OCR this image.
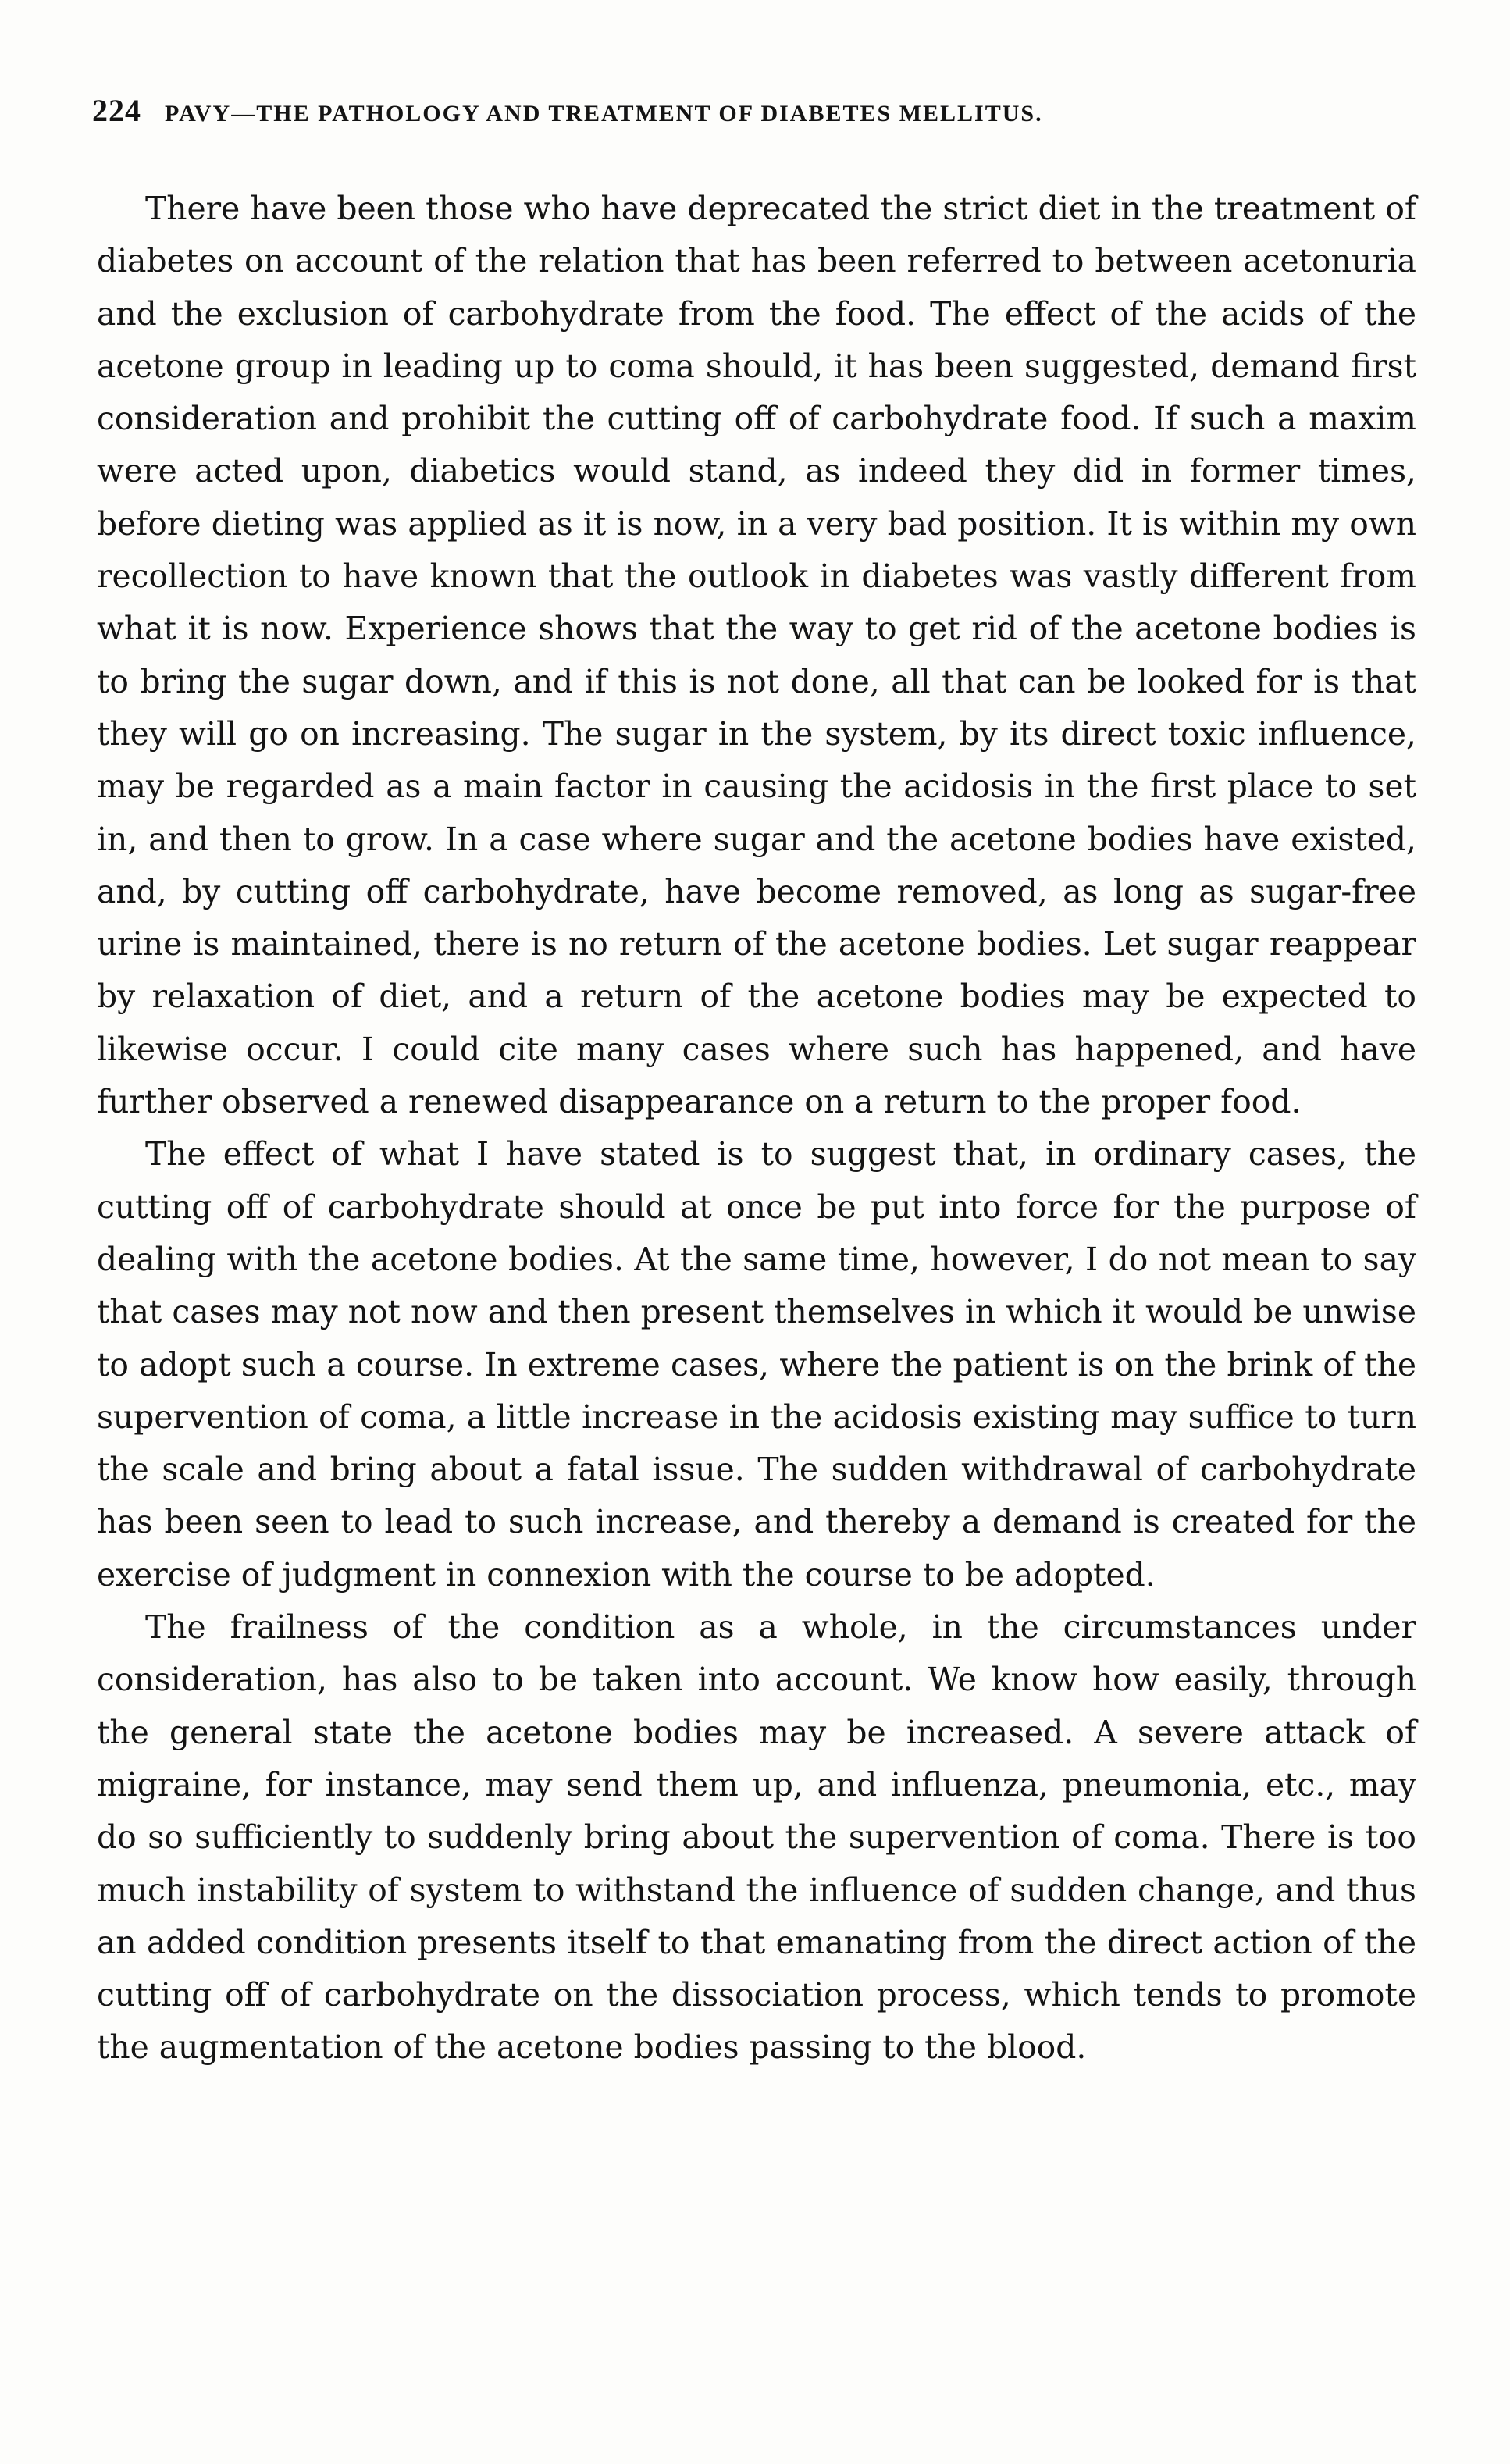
224 PAVY—THE PATHOLOGY AND TREATMENT OF DIABETES MELLITUS.

There have been those who have deprecated the strict diet in the treatment of diabetes on account of the relation that has been referred to between acetonuria and the exclusion of carbohydrate from the food. The effect of the acids of the acetone group in leading up to coma should, it has been suggested, demand first consideration and prohibit the cutting off of carbohydrate food. If such a maxim were acted upon, diabetics would stand, as indeed they did in former times, before dieting was applied as it is now, in a very bad position. It is within my own recollection to have known that the outlook in diabetes was vastly different from what it is now. Experience shows that the way to get rid of the acetone bodies is to bring the sugar down, and if this is not done, all that can be looked for is that they will go on increasing. The sugar in the system, by its direct toxic influence, may be regarded as a main factor in causing the acidosis in the first place to set in, and then to grow. In a case where sugar and the acetone bodies have existed, and, by cutting off carbohydrate, have become removed, as long as sugar-free urine is maintained, there is no return of the acetone bodies. Let sugar reappear by relaxation of diet, and a return of the acetone bodies may be expected to likewise occur. I could cite many cases where such has happened, and have further observed a renewed disappearance on a return to the proper food.

The effect of what I have stated is to suggest that, in ordinary cases, the cutting off of carbohydrate should at once be put into force for the purpose of dealing with the acetone bodies. At the same time, however, I do not mean to say that cases may not now and then present themselves in which it would be unwise to adopt such a course. In extreme cases, where the patient is on the brink of the supervention of coma, a little increase in the acidosis existing may suffice to turn the scale and bring about a fatal issue. The sudden withdrawal of carbohydrate has been seen to lead to such increase, and thereby a demand is created for the exercise of judgment in connexion with the course to be adopted.

The frailness of the condition as a whole, in the circumstances under consideration, has also to be taken into account. We know how easily, through the general state the acetone bodies may be increased. A severe attack of migraine, for instance, may send them up, and influenza, pneumonia, etc., may do so sufficiently to suddenly bring about the supervention of coma. There is too much instability of system to withstand the influence of sudden change, and thus an added condition presents itself to that emanating from the direct action of the cutting off of carbohydrate on the dissociation process, which tends to promote the augmentation of the acetone bodies passing to the blood.
